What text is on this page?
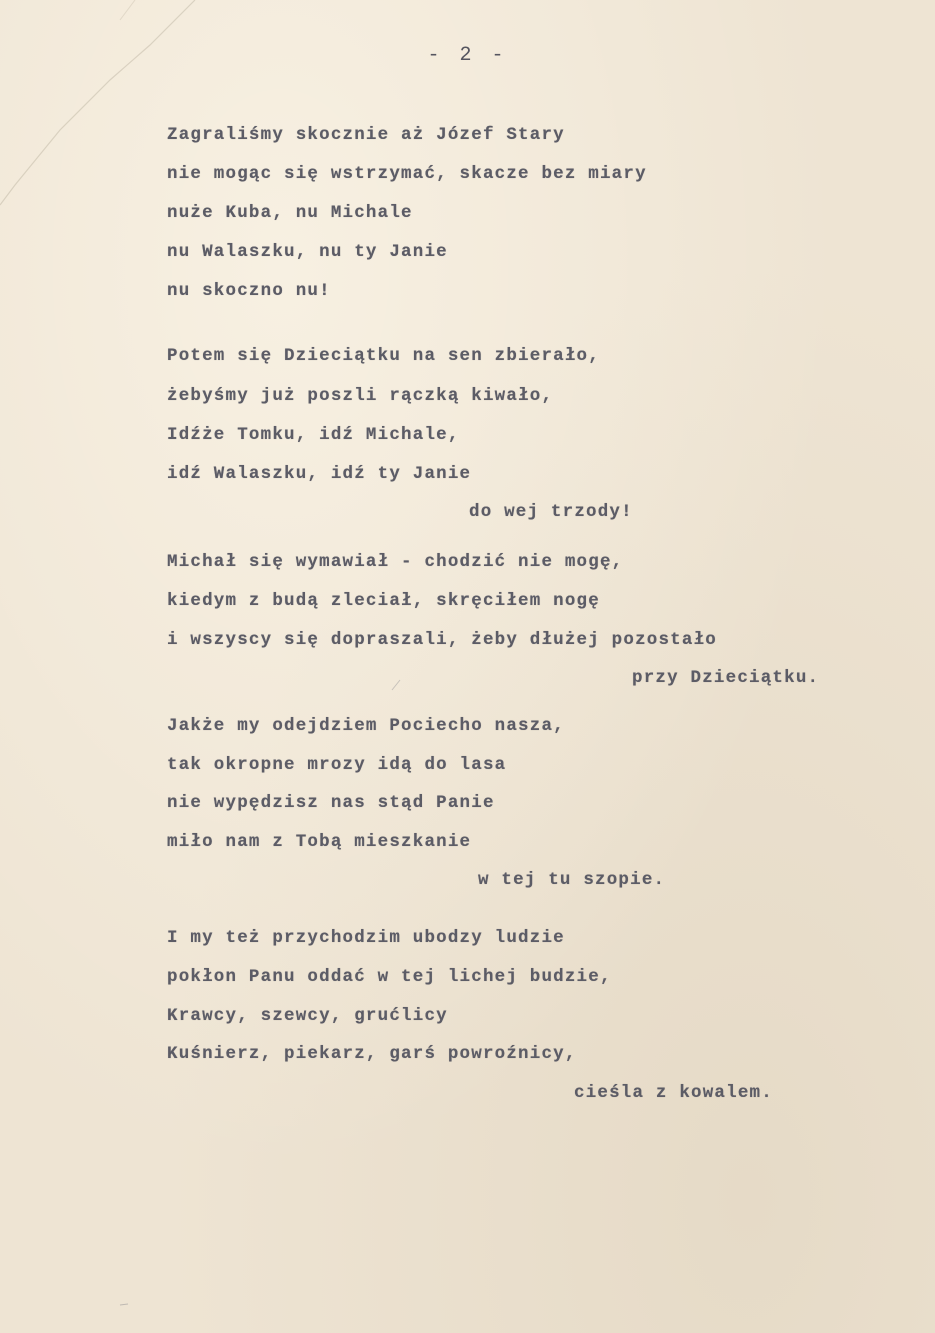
- 2 -
Zagraliśmy skocznie aż Józef Stary
nie mogąc się wstrzymać, skacze bez miary
nuże Kuba, nu Michale
nu Walaszku, nu ty Janie
nu skoczno nu!
Potem się Dzieciątku na sen zbierało,
żebyśmy już poszli rączką kiwało,
Idźże Tomku, idź Michale,
idź Walaszku, idź ty Janie
do wej trzody!
Michał się wymawiał - chodzić nie mogę,
kiedym z budą zleciał, skręciłem nogę
i wszyscy się dopraszali, żeby dłużej pozostało
przy Dzieciątku.
Jakże my odejdziem Pociecho nasza,
tak okropne mrozy idą do lasa
nie wypędzisz nas stąd Panie
miło nam z Tobą mieszkanie
w tej tu szopie.
I my też przychodzim ubodzy ludzie
pokłon Panu oddać w tej lichej budzie,
Krawcy, szewcy, grućlicy
Kuśnierz, piekarz, garś powroźnicy,
cieśla z kowalem.
